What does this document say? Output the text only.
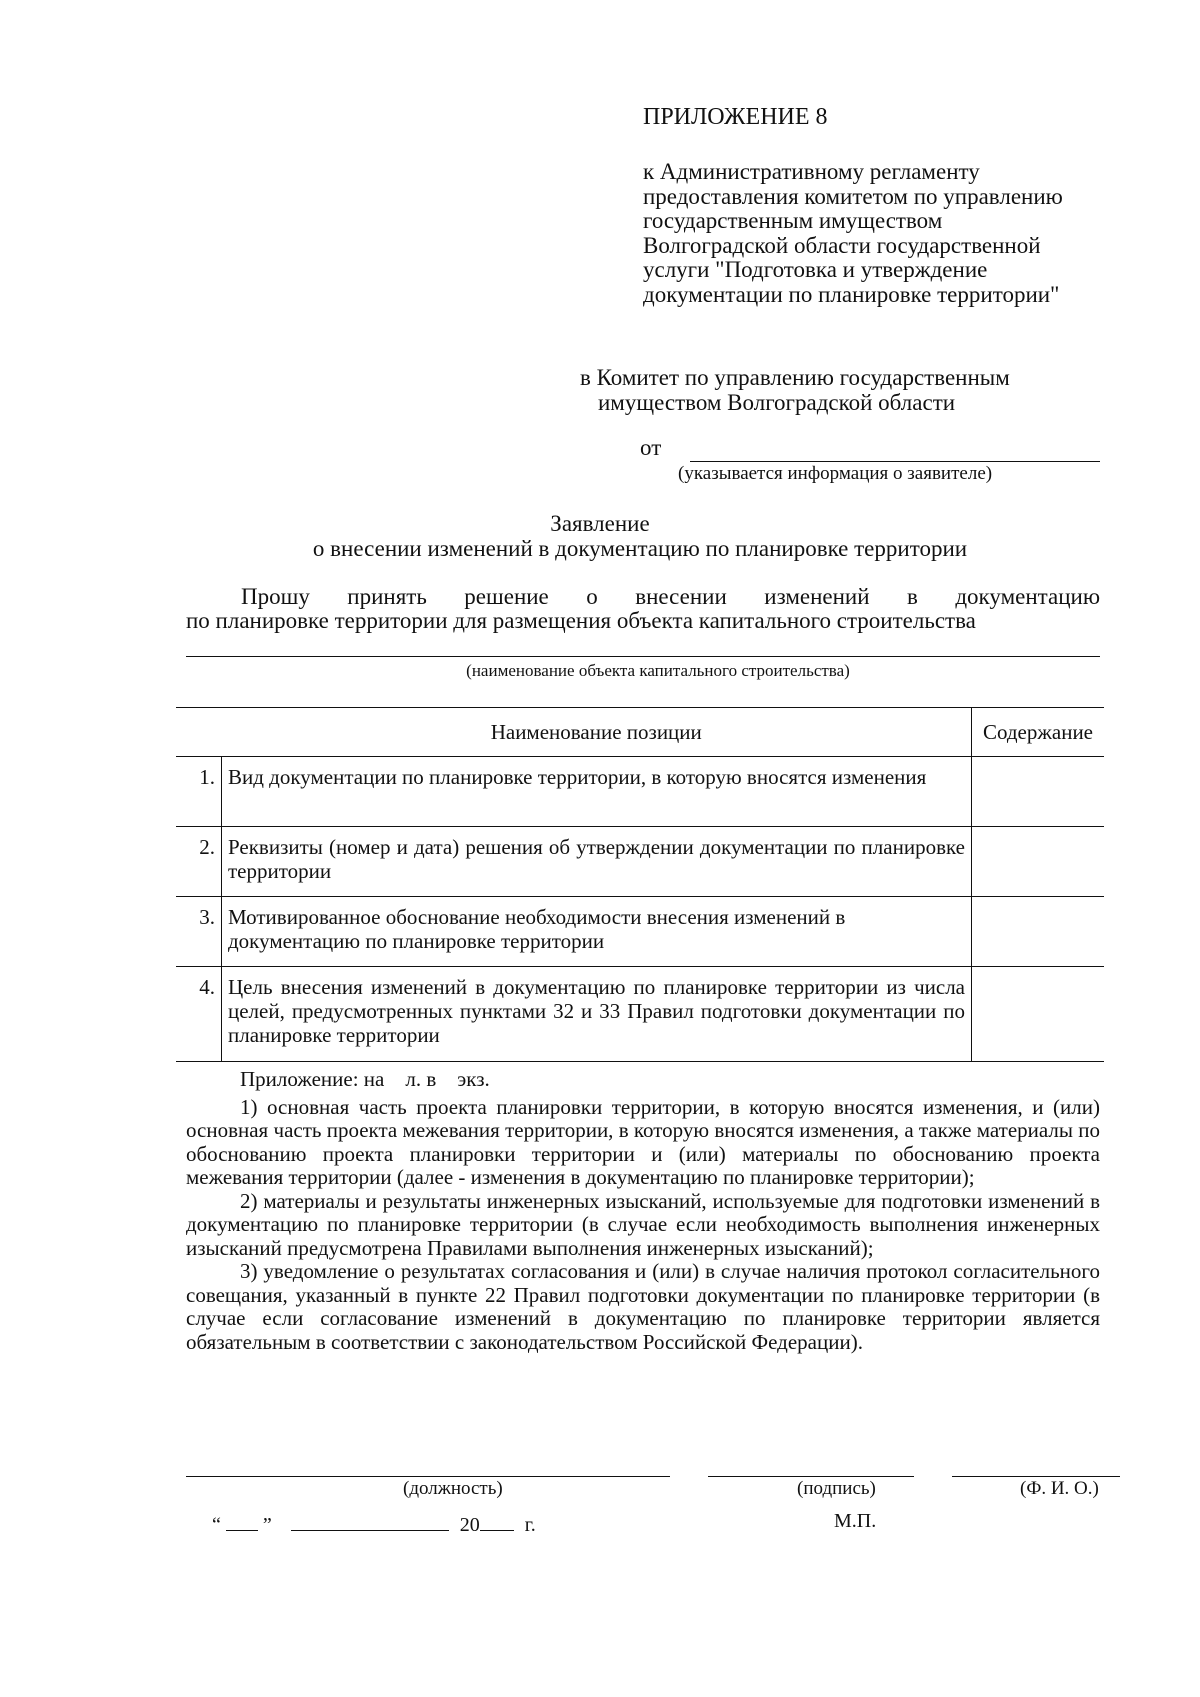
ПРИЛОЖЕНИЕ 8
к Административному регламенту
предоставления комитетом по управлению
государственным имуществом
Волгоградской области государственной
услуги "Подготовка и утверждение
документации по планировке территории"
в Комитет по управлению государственным
имуществом Волгоградской области
от
(указывается информация о заявителе)
Заявление
о внесении изменений в документацию по планировке территории
Прошу принять решение о внесении изменений в документацию
по планировке территории для размещения объекта капитального строительства
(наименование объекта капитального строительства)
	Наименование позиции	Содержание
1.	Вид документации по планировке территории, в которую вносятся изменения	
2.	Реквизиты (номер и дата) решения об утверждении документации по планировке территории	
3.	Мотивированное обоснование необходимости внесения изменений в документацию по планировке территории	
4.	Цель внесения изменений в документацию по планировке территории из числа целей, предусмотренных пунктами 32 и 33 Правил подготовки документации по планировке территории	
Приложение: на    л. в    экз.
1) основная часть проекта планировки территории, в которую вносятся изменения, и (или) основная часть проекта межевания территории, в которую вносятся изменения, а также материалы по обоснованию проекта планировки территории и (или) материалы по обоснованию проекта межевания территории (далее - изменения в документацию по планировке территории);
2) материалы и результаты инженерных изысканий, используемые для подготовки изменений в документацию по планировке территории (в случае если необходимость выполнения инженерных изысканий предусмотрена Правилами выполнения инженерных изысканий);
3) уведомление о результатах согласования и (или) в случае наличия протокол согласительного совещания, указанный в пункте 22 Правил подготовки документации по планировке территории (в случае если согласование изменений в документацию по планировке территории является обязательным в соответствии с законодательством Российской Федерации).
(должность)	(подпись)	(Ф. И. О.)
“ ”	20 г.	М.П.
